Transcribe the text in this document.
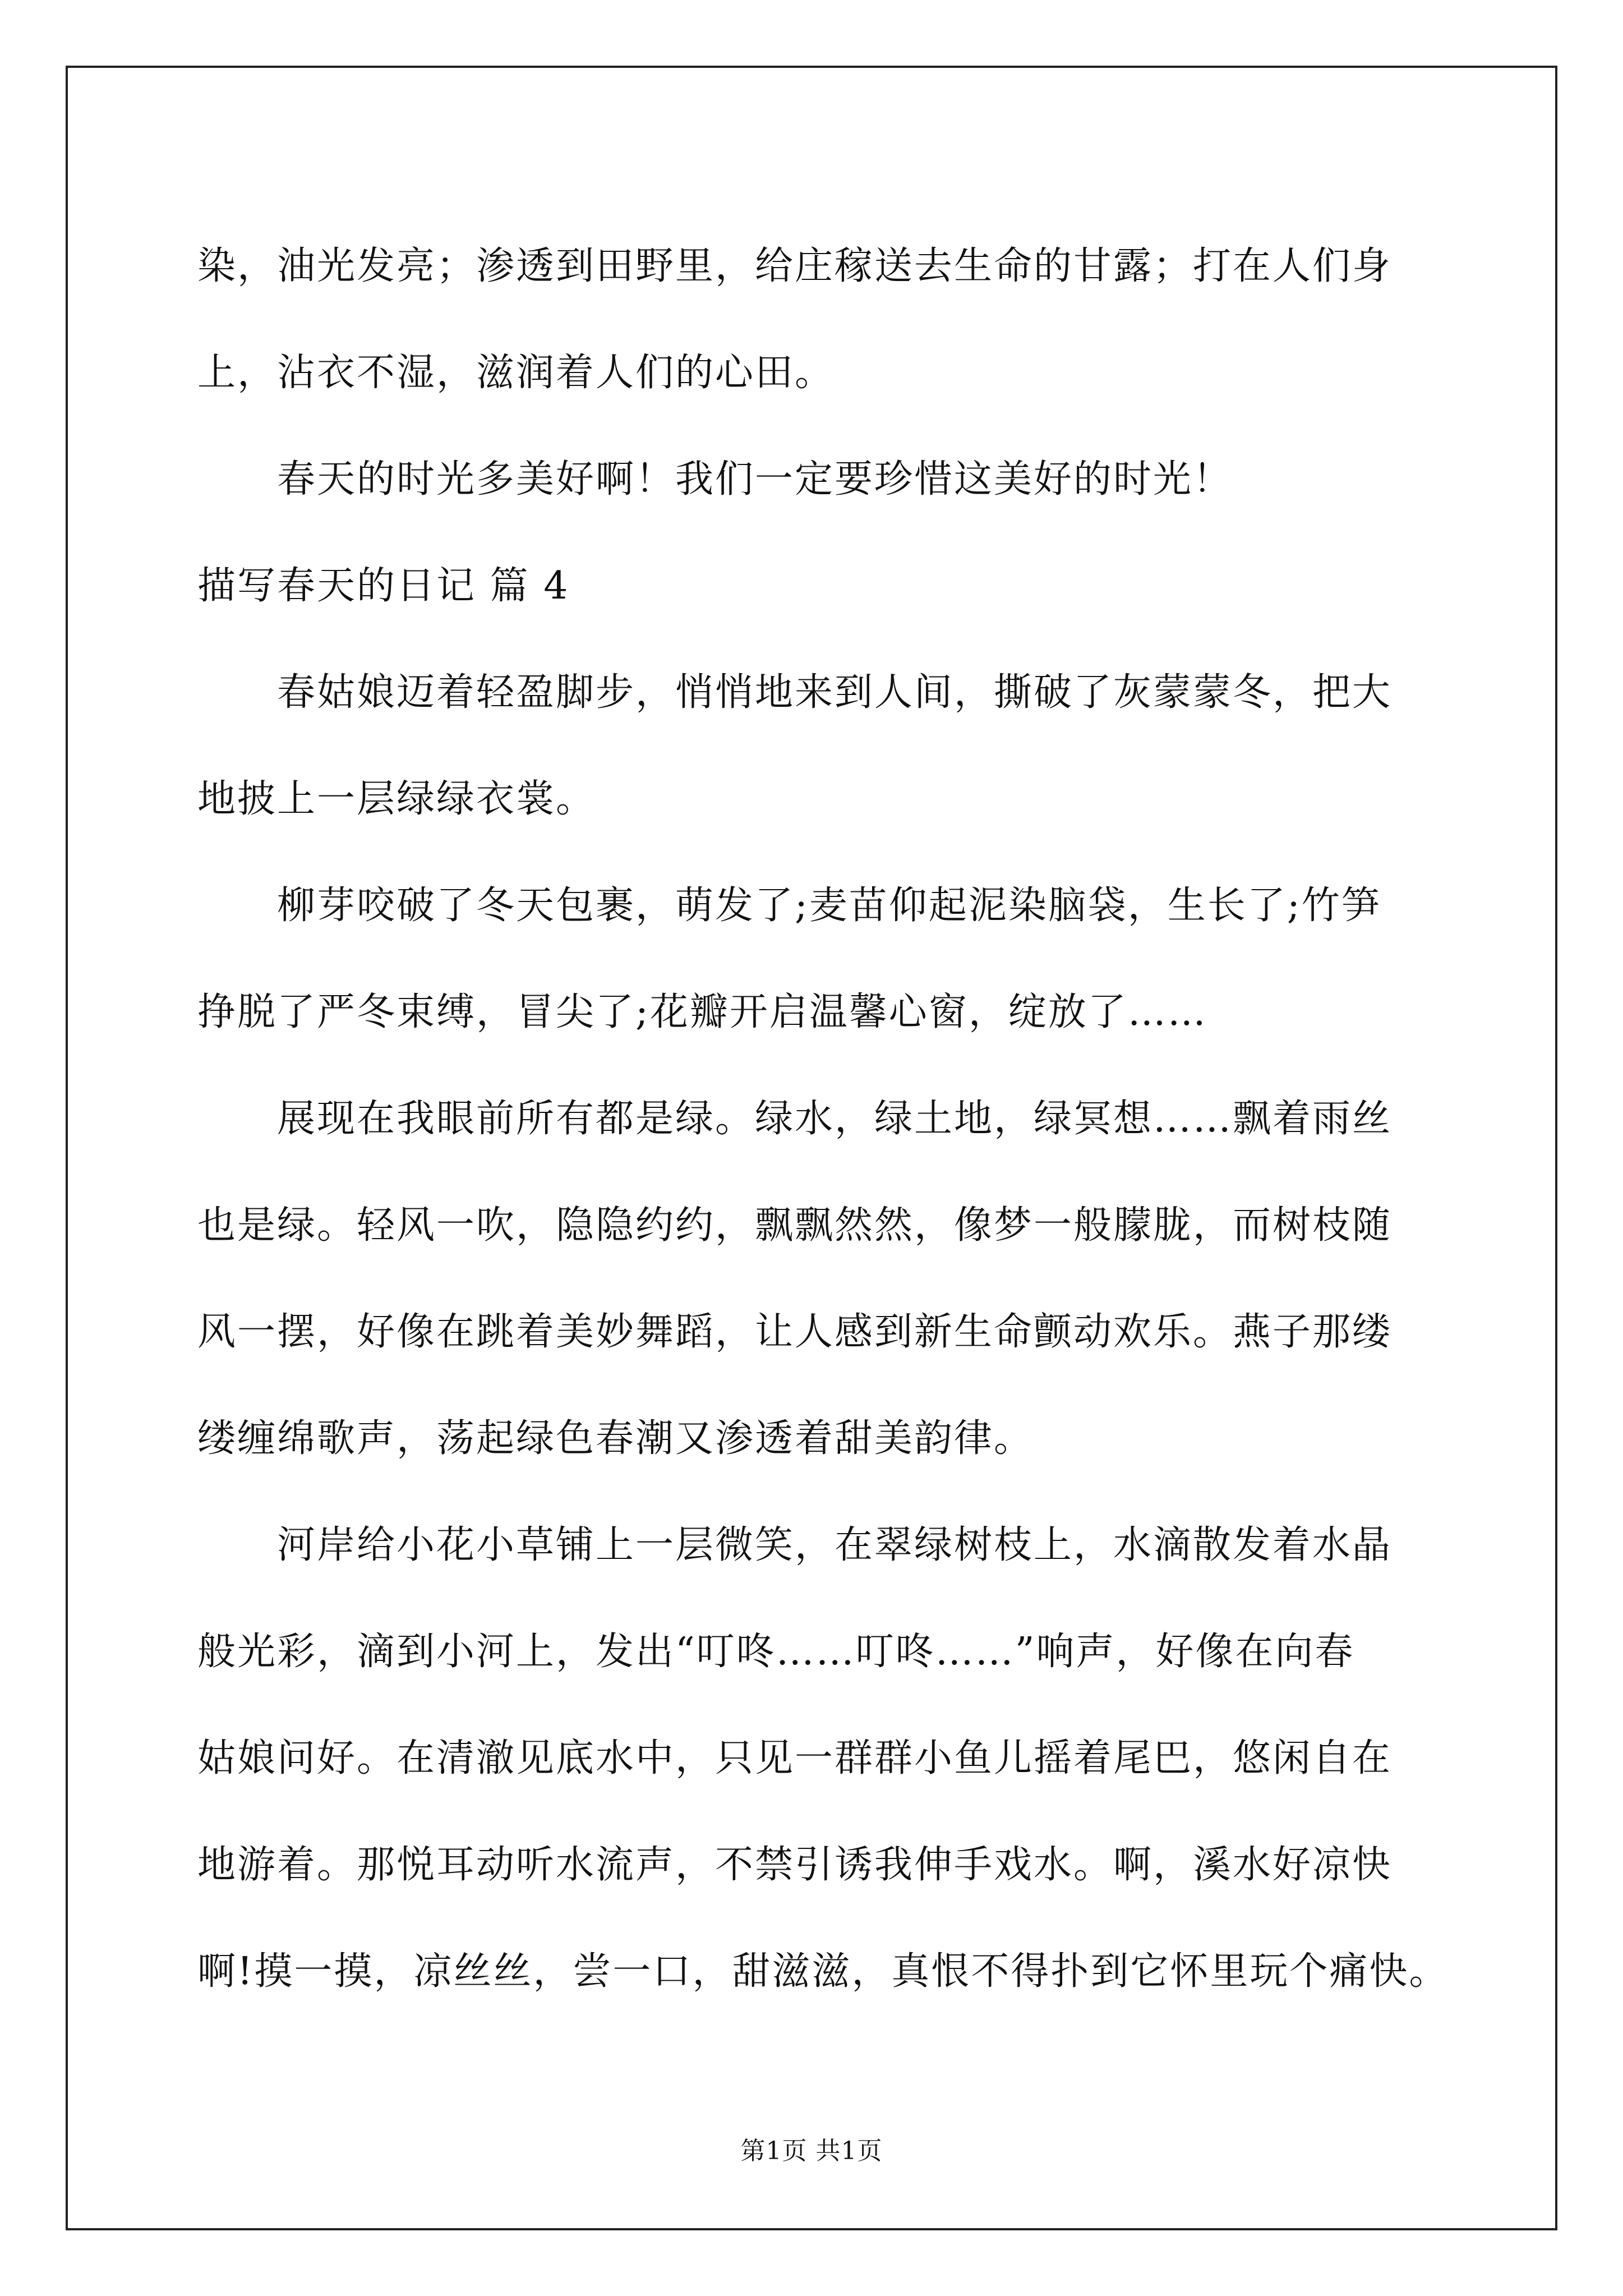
染，油光发亮；渗透到田野里，给庄稼送去生命的甘露；打在人们身
上，沾衣不湿，滋润着人们的心田。
春天的时光多美好啊！我们一定要珍惜这美好的时光！
描写春天的日记 篇 4
春姑娘迈着轻盈脚步，悄悄地来到人间，撕破了灰蒙蒙冬，把大
地披上一层绿绿衣裳。
柳芽咬破了冬天包裹，萌发了;麦苗仰起泥染脑袋，生长了;竹笋
挣脱了严冬束缚，冒尖了;花瓣开启温馨心窗，绽放了……
展现在我眼前所有都是绿。绿水，绿土地，绿冥想……飘着雨丝
也是绿。轻风一吹，隐隐约约，飘飘然然，像梦一般朦胧，而树枝随
风一摆，好像在跳着美妙舞蹈，让人感到新生命颤动欢乐。燕子那缕
缕缠绵歌声，荡起绿色春潮又渗透着甜美韵律。
河岸给小花小草铺上一层微笑，在翠绿树枝上，水滴散发着水晶
般光彩，滴到小河上，发出“叮咚……叮咚……”响声，好像在向春
姑娘问好。在清澈见底水中，只见一群群小鱼儿摇着尾巴，悠闲自在
地游着。那悦耳动听水流声，不禁引诱我伸手戏水。啊，溪水好凉快
啊!摸一摸，凉丝丝，尝一口，甜滋滋，真恨不得扑到它怀里玩个痛快。
第1页 共1页
